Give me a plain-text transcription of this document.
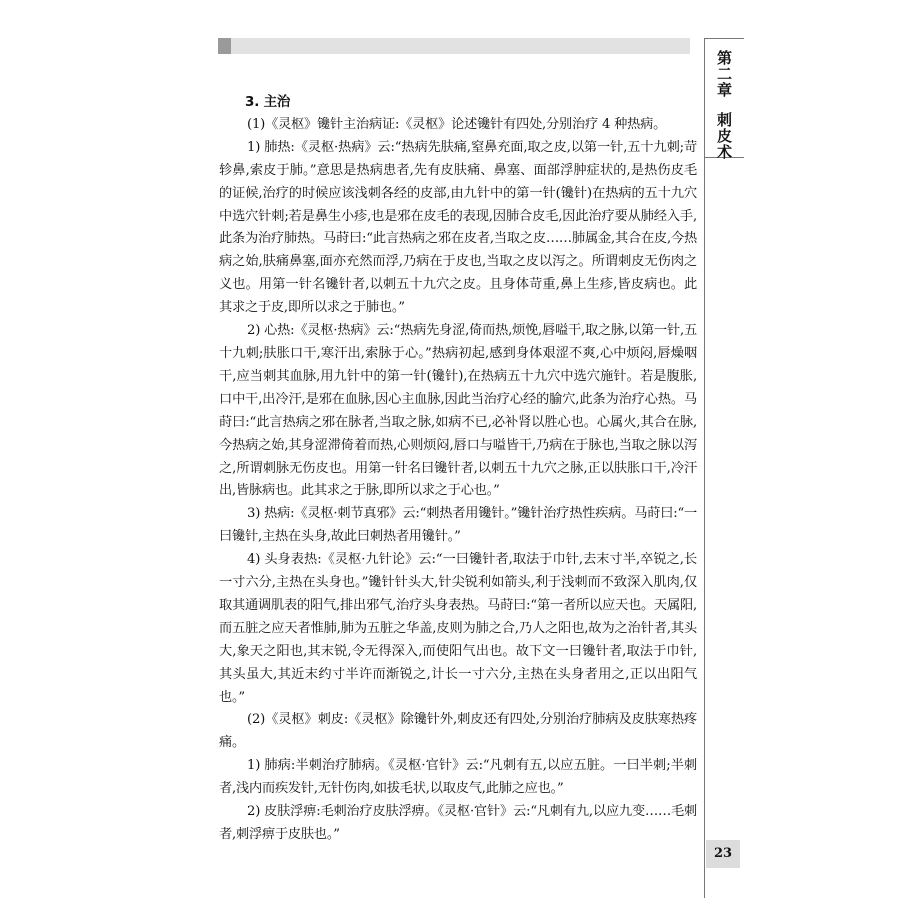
第二章刺皮术
23
3. 主治

(1)《灵枢》镵针主治病证:《灵枢》论述镵针有四处,分别治疗 4 种热病。

1) 肺热:《灵枢·热病》云:“热病先肤痛,窒鼻充面,取之皮,以第一针,五十九刺;苛轸鼻,索皮于肺。”意思是热病患者,先有皮肤痛、鼻塞、面部浮肿症状的,是热伤皮毛的证候,治疗的时候应该浅刺各经的皮部,由九针中的第一针(镵针)在热病的五十九穴中选穴针刺;若是鼻生小疹,也是邪在皮毛的表现,因肺合皮毛,因此治疗要从肺经入手,此条为治疗肺热。马莳曰:“此言热病之邪在皮者,当取之皮……肺属金,其合在皮,今热病之始,肤痛鼻塞,面亦充然而浮,乃病在于皮也,当取之皮以泻之。所谓刺皮无伤肉之义也。用第一针名镵针者,以刺五十九穴之皮。且身体苛重,鼻上生疹,皆皮病也。此其求之于皮,即所以求之于肺也。”

2) 心热:《灵枢·热病》云:“热病先身涩,倚而热,烦悗,唇嗌干,取之脉,以第一针,五十九刺;肤胀口干,寒汗出,索脉于心。”热病初起,感到身体艰涩不爽,心中烦闷,唇燥咽干,应当刺其血脉,用九针中的第一针(镵针),在热病五十九穴中选穴施针。若是腹胀,口中干,出冷汗,是邪在血脉,因心主血脉,因此当治疗心经的腧穴,此条为治疗心热。马莳曰:“此言热病之邪在脉者,当取之脉,如病不已,必补肾以胜心也。心属火,其合在脉,今热病之始,其身涩滞倚着而热,心则烦闷,唇口与嗌皆干,乃病在于脉也,当取之脉以泻之,所谓刺脉无伤皮也。用第一针名曰镵针者,以刺五十九穴之脉,正以肤胀口干,冷汗出,皆脉病也。此其求之于脉,即所以求之于心也。”

3) 热病:《灵枢·刺节真邪》云:“刺热者用镵针。”镵针治疗热性疾病。马莳曰:“一曰镵针,主热在头身,故此曰刺热者用镵针。”

4) 头身表热:《灵枢·九针论》云:“一曰镵针者,取法于巾针,去末寸半,卒锐之,长一寸六分,主热在头身也。”镵针针头大,针尖锐利如箭头,利于浅刺而不致深入肌肉,仅取其通调肌表的阳气,排出邪气,治疗头身表热。马莳曰:“第一者所以应天也。天属阳,而五脏之应天者惟肺,肺为五脏之华盖,皮则为肺之合,乃人之阳也,故为之治针者,其头大,象天之阳也,其末锐,令无得深入,而使阳气出也。故下文一曰镵针者,取法于巾针,其头虽大,其近末约寸半许而渐锐之,计长一寸六分,主热在头身者用之,正以出阳气也。”

(2)《灵枢》刺皮:《灵枢》除镵针外,刺皮还有四处,分别治疗肺病及皮肤寒热疼痛。

1) 肺病:半刺治疗肺病。《灵枢·官针》云:“凡刺有五,以应五脏。一曰半刺;半刺者,浅内而疾发针,无针伤肉,如拔毛状,以取皮气,此肺之应也。”

2) 皮肤浮痹:毛刺治疗皮肤浮痹。《灵枢·官针》云:“凡刺有九,以应九变……毛刺者,刺浮痹于皮肤也。”
